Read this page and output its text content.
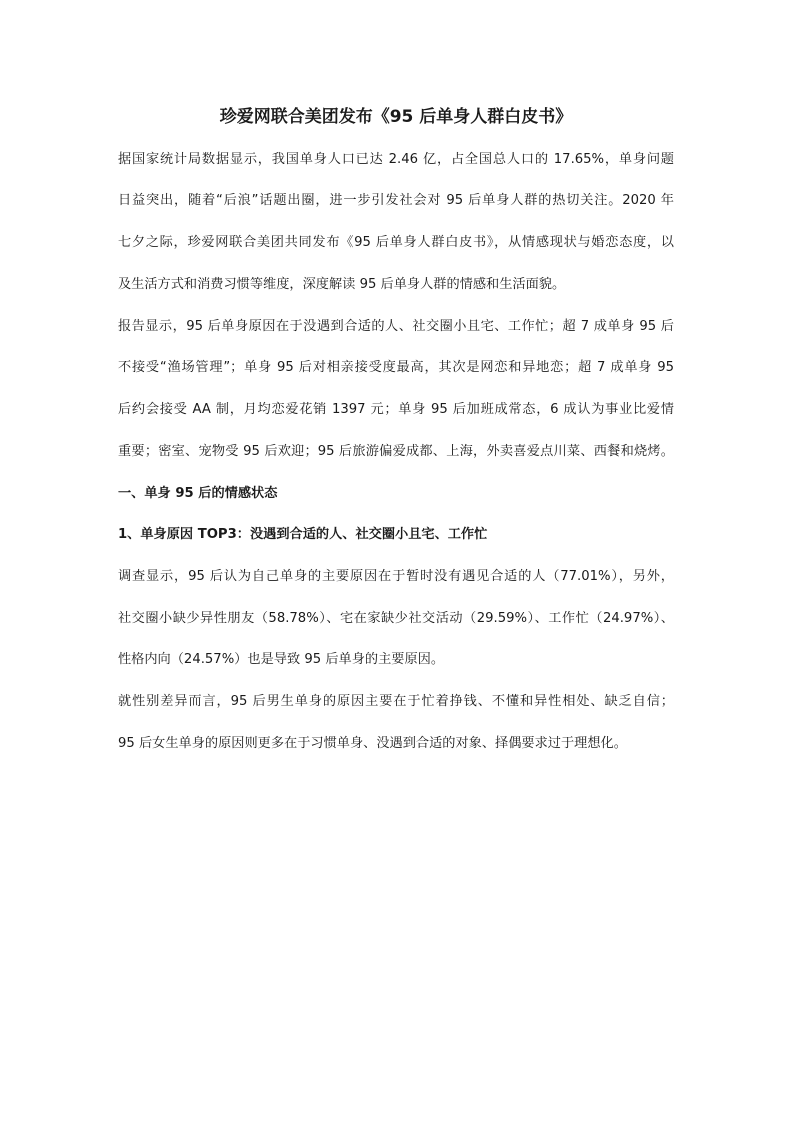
珍爱网联合美团发布《95 后单身人群白皮书》

据国家统计局数据显示，我国单身人口已达 2.46 亿，占全国总人口的 17.65%，单身问题

日益突出，随着“后浪”话题出圈，进一步引发社会对 95 后单身人群的热切关注。2020 年

七夕之际，珍爱网联合美团共同发布《95 后单身人群白皮书》，从情感现状与婚恋态度，以

及生活方式和消费习惯等维度，深度解读 95 后单身人群的情感和生活面貌。

报告显示，95 后单身原因在于没遇到合适的人、社交圈小且宅、工作忙；超 7 成单身 95 后

不接受“渔场管理”；单身 95 后对相亲接受度最高，其次是网恋和异地恋；超 7 成单身 95

后约会接受 AA 制，月均恋爱花销 1397 元；单身 95 后加班成常态，6 成认为事业比爱情

重要；密室、宠物受 95 后欢迎；95 后旅游偏爱成都、上海，外卖喜爱点川菜、西餐和烧烤。

一、单身 95 后的情感状态
1、单身原因 TOP3：没遇到合适的人、社交圈小且宅、工作忙

调查显示，95 后认为自己单身的主要原因在于暂时没有遇见合适的人（77.01%），另外，

社交圈小缺少异性朋友（58.78%）、宅在家缺少社交活动（29.59%）、工作忙（24.97%）、

性格内向（24.57%）也是导致 95 后单身的主要原因。

就性别差异而言，95 后男生单身的原因主要在于忙着挣钱、不懂和异性相处、缺乏自信；

95 后女生单身的原因则更多在于习惯单身、没遇到合适的对象、择偶要求过于理想化。
